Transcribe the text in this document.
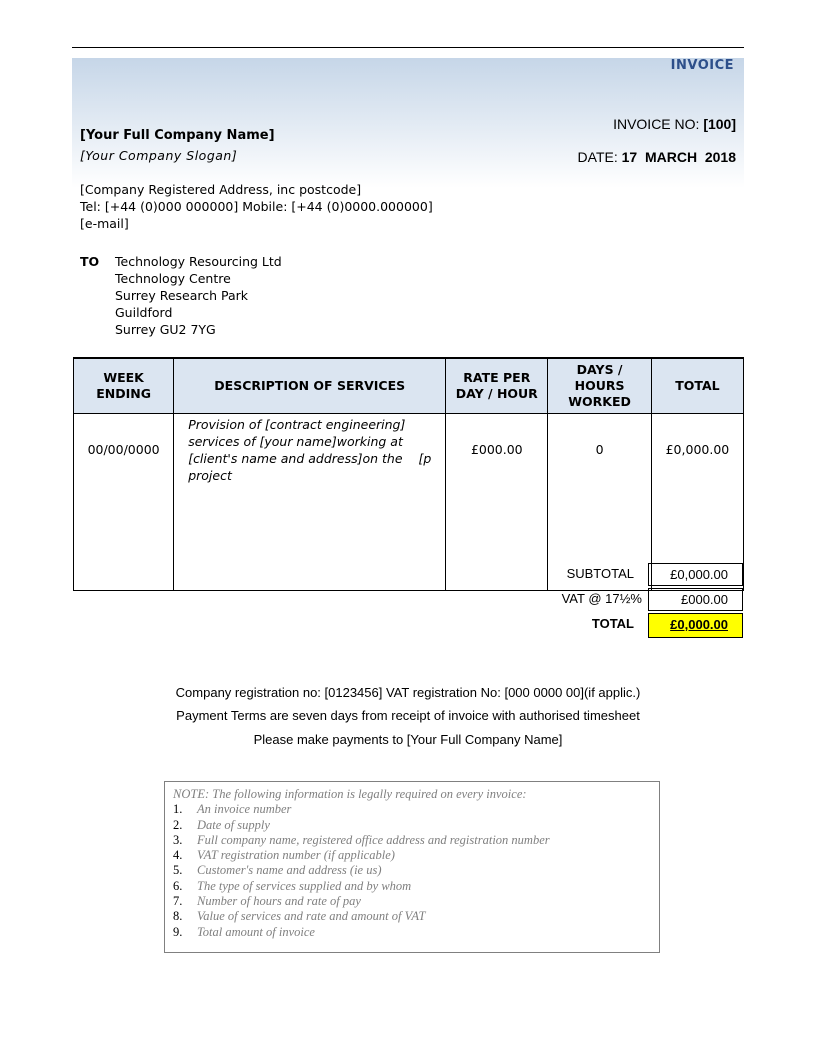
INVOICE
[Your Full Company Name]
[Your Company Slogan]
INVOICE NO: [100]
DATE: 17  MARCH  2018
[Company Registered Address, inc postcode]
Tel: [+44 (0)000 000000] Mobile: [+44 (0)0000.000000]
[e-mail]
TO Technology Resourcing Ltd
Technology Centre
Surrey Research Park
Guildford
Surrey GU2 7YG
WEEK ENDING	DESCRIPTION OF SERVICES	RATE PER DAY / HOUR	DAYS / HOURS WORKED	TOTAL
00/00/0000	Provision of [contract engineering]
services of [your name]working at
[client's name and address]on the    [p
project	£000.00	0	£0,000.00
SUBTOTAL	£0,000.00
VAT @ 17½%	£000.00
TOTAL	£0,000.00
Company registration no: [0123456] VAT registration No: [000 0000 00](if applic.)
Payment Terms are seven days from receipt of invoice with authorised timesheet
Please make payments to [Your Full Company Name]
NOTE: The following information is legally required on every invoice:
1.	An invoice number
2.	Date of supply
3.	Full company name, registered office address and registration number
4.	VAT registration number (if applicable)
5.	Customer's name and address (ie us)
6.	The type of services supplied and by whom
7.	Number of hours and rate of pay
8.	Value of services and rate and amount of VAT
9.	Total amount of invoice
